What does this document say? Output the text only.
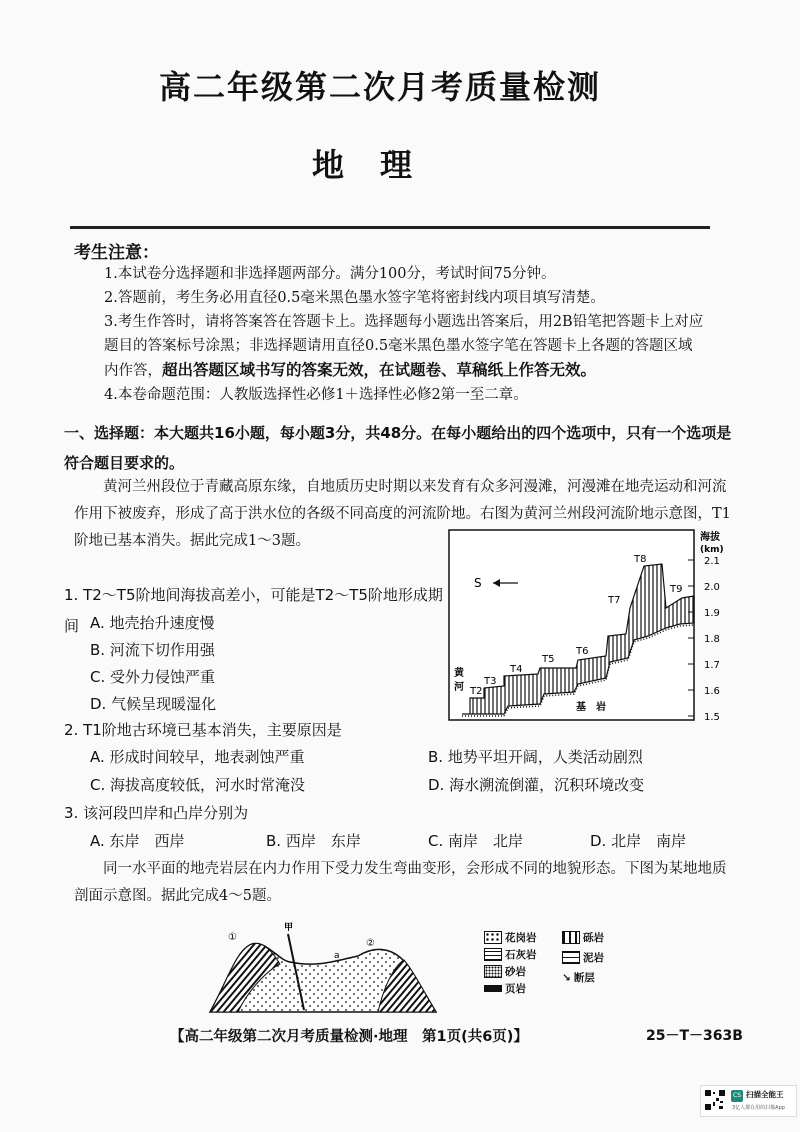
高二年级第二次月考质量检测
地理
考生注意：

1.本试卷分选择题和非选择题两部分。满分100分，考试时间75分钟。

2.答题前，考生务必用直径0.5毫米黑色墨水签字笔将密封线内项目填写清楚。

3.考生作答时，请将答案答在答题卡上。选择题每小题选出答案后，用2B铅笔把答题卡上对应题目的答案标号涂黑；非选择题请用直径0.5毫米黑色墨水签字笔在答题卡上各题的答题区域内作答，超出答题区域书写的答案无效，在试题卷、草稿纸上作答无效。

4.本卷命题范围：人教版选择性必修1＋选择性必修2第一至二章。

一、选择题：本大题共16小题，每小题3分，共48分。在每小题给出的四个选项中，只有一个选项是符合题目要求的。
黄河兰州段位于青藏高原东缘，自地质历史时期以来发育有众多河漫滩，河漫滩在地壳运动和河流作用下被废弃，形成了高于洪水位的各级不同高度的河流阶地。右图为黄河兰州段河流阶地示意图，T1阶地已基本消失。据此完成1～3题。
1. T2～T5阶地间海拔高差小，可能是T2～T5阶地形成期间 A. 地壳抬升速度慢
B. 河流下切作用强
C. 受外力侵蚀严重
D. 气候呈现暖湿化
2. T1阶地古环境已基本消失，主要原因是
A. 形成时间较早，地表剥蚀严重	B. 地势平坦开阔，人类活动剧烈
C. 海拔高度较低，河水时常淹没	D. 海水溯流倒灌，沉积环境改变
3. 该河段凹岸和凸岸分别为
A. 东岸　西岸	B. 西岸　东岸	C. 南岸　北岸	D. 北岸　南岸
同一水平面的地壳岩层在内力作用下受力发生弯曲变形，会形成不同的地貌形态。下图为某地地质剖面示意图。据此完成4～5题。
S
黄河 T2
T3
T4
T5
T6
T7
T8
T9
基　岩
海拔
(km)
2.1
2.0
1.9
1.8
1.7
1.6
1.5
①
甲
a
②	花岗岩	砾岩
石灰岩
砂岩
泥岩
页岩
↘ 断层
【高二年级第二次月考质量检测·地理　第1页(共6页)】	25－T－363B
CS 扫描全能王
3亿人都在用的扫描App
